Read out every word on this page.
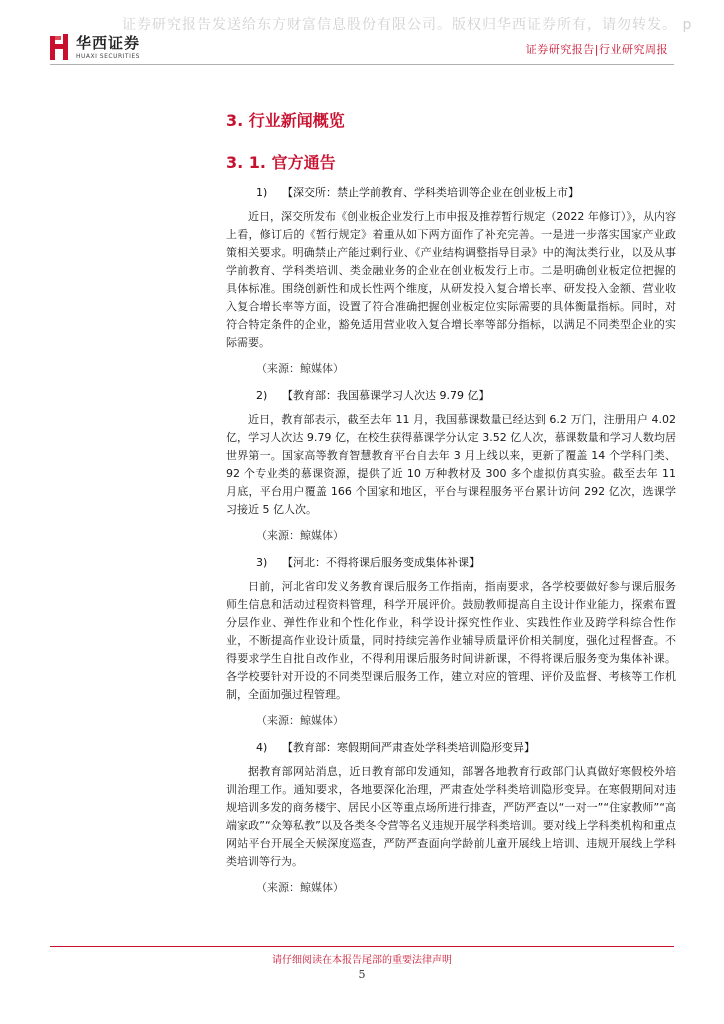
证券研究报告发送给东方财富信息股份有限公司。版权归华西证券所有，请勿转发。 p
华西证券
HUAXI SECURITIES	证券研究报告|行业研究周报
3. 行业新闻概览
3. 1. 官方通告
1) 【深交所：禁止学前教育、学科类培训等企业在创业板上市】

近日，深交所发布《创业板企业发行上市申报及推荐暂行规定（2022 年修订）》，从内容上看，修订后的《暂行规定》着重从如下两方面作了补充完善。一是进一步落实国家产业政策相关要求。明确禁止产能过剩行业、《产业结构调整指导目录》中的淘汰类行业，以及从事学前教育、学科类培训、类金融业务的企业在创业板发行上市。二是明确创业板定位把握的具体标准。围绕创新性和成长性两个维度，从研发投入复合增长率、研发投入金额、营业收入复合增长率等方面，设置了符合准确把握创业板定位实际需要的具体衡量指标。同时，对符合特定条件的企业，豁免适用营业收入复合增长率等部分指标，以满足不同类型企业的实际需要。

（来源：鲸媒体）
2) 【教育部：我国慕课学习人次达 9.79 亿】

近日，教育部表示，截至去年 11 月，我国慕课数量已经达到 6.2 万门，注册用户 4.02 亿，学习人次达 9.79 亿，在校生获得慕课学分认定 3.52 亿人次，慕课数量和学习人数均居世界第一。国家高等教育智慧教育平台自去年 3 月上线以来，更新了覆盖 14 个学科门类、92 个专业类的慕课资源，提供了近 10 万种教材及 300 多个虚拟仿真实验。截至去年 11 月底，平台用户覆盖 166 个国家和地区，平台与课程服务平台累计访问 292 亿次，选课学习接近 5 亿人次。

（来源：鲸媒体）
3) 【河北：不得将课后服务变成集体补课】

日前，河北省印发义务教育课后服务工作指南，指南要求，各学校要做好参与课后服务师生信息和活动过程资料管理，科学开展评价。鼓励教师提高自主设计作业能力，探索布置分层作业、弹性作业和个性化作业，科学设计探究性作业、实践性作业及跨学科综合性作业，不断提高作业设计质量，同时持续完善作业辅导质量评价相关制度，强化过程督查。不得要求学生自批自改作业，不得利用课后服务时间讲新课，不得将课后服务变为集体补课。各学校要针对开设的不同类型课后服务工作，建立对应的管理、评价及监督、考核等工作机制，全面加强过程管理。

（来源：鲸媒体）
4) 【教育部：寒假期间严肃查处学科类培训隐形变异】

据教育部网站消息，近日教育部印发通知，部署各地教育行政部门认真做好寒假校外培训治理工作。通知要求，各地要深化治理，严肃查处学科类培训隐形变异。在寒假期间对违规培训多发的商务楼宇、居民小区等重点场所进行排查，严防严查以“一对一”“住家教师”“高端家政”“众筹私教”以及各类冬令营等名义违规开展学科类培训。要对线上学科类机构和重点网站平台开展全天候深度巡查，严防严查面向学龄前儿童开展线上培训、违规开展线上学科类培训等行为。

（来源：鲸媒体）
请仔细阅读在本报告尾部的重要法律声明
5
